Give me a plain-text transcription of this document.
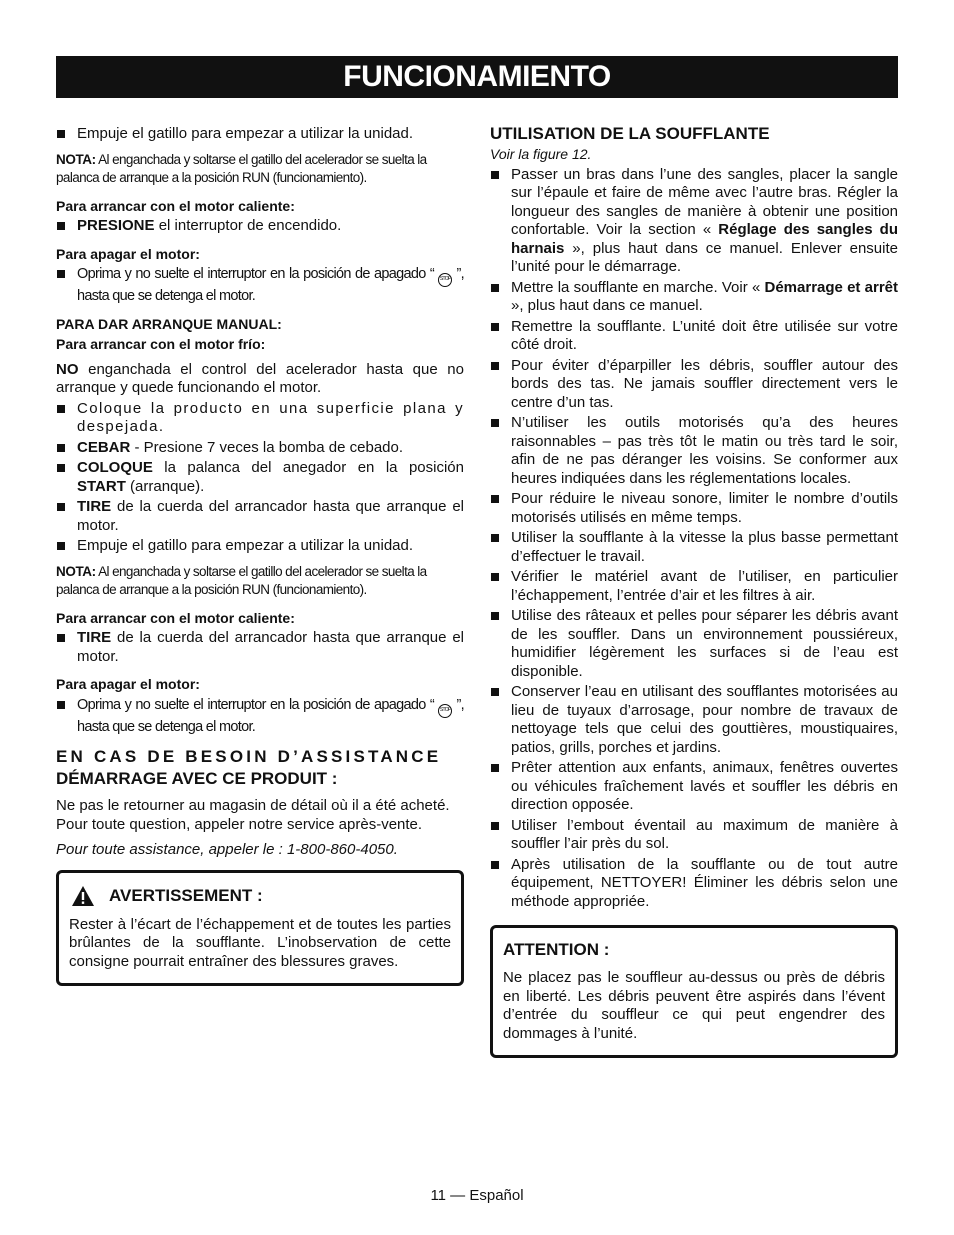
FUNCIONAMIENTO
Empuje el gatillo para empezar a utilizar la unidad.

NOTA: Al enganchada y soltarse el gatillo del acelerador se suelta la palanca de arranque a la posición RUN (funcionamiento).

Para arrancar con el motor caliente:

PRESIONE el interruptor de encendido.

Para apagar el motor:

Oprima y no suelte el interruptor en la posición de apagado “ STOP ”, hasta que se detenga el motor.

PARA DAR ARRANQUE MANUAL:

Para arrancar con el motor frío:

NO enganchada el control del acelerador hasta que no arranque y quede funcionando el motor.

Coloque la producto en una superficie plana y despejada.
CEBAR - Presione 7 veces la bomba de cebado.
COLOQUE la palanca del anegador en la posición START (arranque).
TIRE de la cuerda del arrancador hasta que arranque el motor.
Empuje el gatillo para empezar a utilizar la unidad.

NOTA: Al enganchada y soltarse el gatillo del acelerador se suelta la palanca de arranque a la posición RUN (funcionamiento).

Para arrancar con el motor caliente:

TIRE de la cuerda del arrancador hasta que arranque el motor.

Para apagar el motor:

Oprima y no suelte el interruptor en la posición de apagado “ STOP ”, hasta que se detenga el motor.

EN CAS DE BESOIN D’ASSISTANCE

DÉMARRAGE AVEC CE PRODUIT :

Ne pas le retourner au magasin de détail où il a été acheté. Pour toute question, appeler notre service après-vente.

Pour toute assistance, appeler le : 1-800-860-4050.

AVERTISSEMENT :

Rester à l’écart de l’échappement et de toutes les parties brûlantes de la soufflante. L’inobservation de cette consigne pourrait entraîner des blessures graves.

UTILISATION DE LA SOUFFLANTE

Voir la figure 12.

Passer un bras dans l’une des sangles, placer la sangle sur l’épaule et faire de même avec l’autre bras. Régler la longueur des sangles de manière à obtenir une position confortable. Voir la section « Réglage des sangles du harnais », plus haut dans ce manuel. Enlever ensuite l’unité pour le démarrage.
Mettre la soufflante en marche. Voir « Démarrage et arrêt », plus haut dans ce manuel.
Remettre la soufflante. L’unité doit être utilisée sur votre côté droit.
Pour éviter d’éparpiller les débris, souffler autour des bords des tas. Ne jamais souffler directement vers le centre d’un tas.
N’utiliser les outils motorisés qu’a des heures raisonnables – pas très tôt le matin ou très tard le soir, afin de ne pas déranger les voisins. Se conformer aux heures indiquées dans les réglementations locales.
Pour réduire le niveau sonore, limiter le nombre d’outils motorisés utilisés en même temps.
Utiliser la soufflante à la vitesse la plus basse permettant d’effectuer le travail.
Vérifier le matériel avant de l’utiliser, en particulier l’échappement, l’entrée d’air et les filtres à air.
Utilise des râteaux et pelles pour séparer les débris avant de les souffler. Dans un environnement poussiéreux, humidifier légèrement les surfaces si de l’eau est disponible.
Conserver l’eau en utilisant des soufflantes motorisées au lieu de tuyaux d’arrosage, pour nombre de travaux de nettoyage tels que celui des gouttières, moustiquaires, patios, grills, porches et jardins.
Prêter attention aux enfants, animaux, fenêtres ouvertes ou véhicules fraîchement lavés et souffler les débris en direction opposée.
Utiliser l’embout éventail au maximum de manière à souffler l’air près du sol.
Après utilisation de la soufflante ou de tout autre équipement, NETTOYER! Éliminer les débris selon une méthode appropriée.
ATTENTION :

Ne placez pas le souffleur au-dessus ou près de débris en liberté. Les débris peuvent être aspirés dans l’évent d’entrée du souffleur ce qui peut engendrer des dommages à l’unité.

11 — Español
